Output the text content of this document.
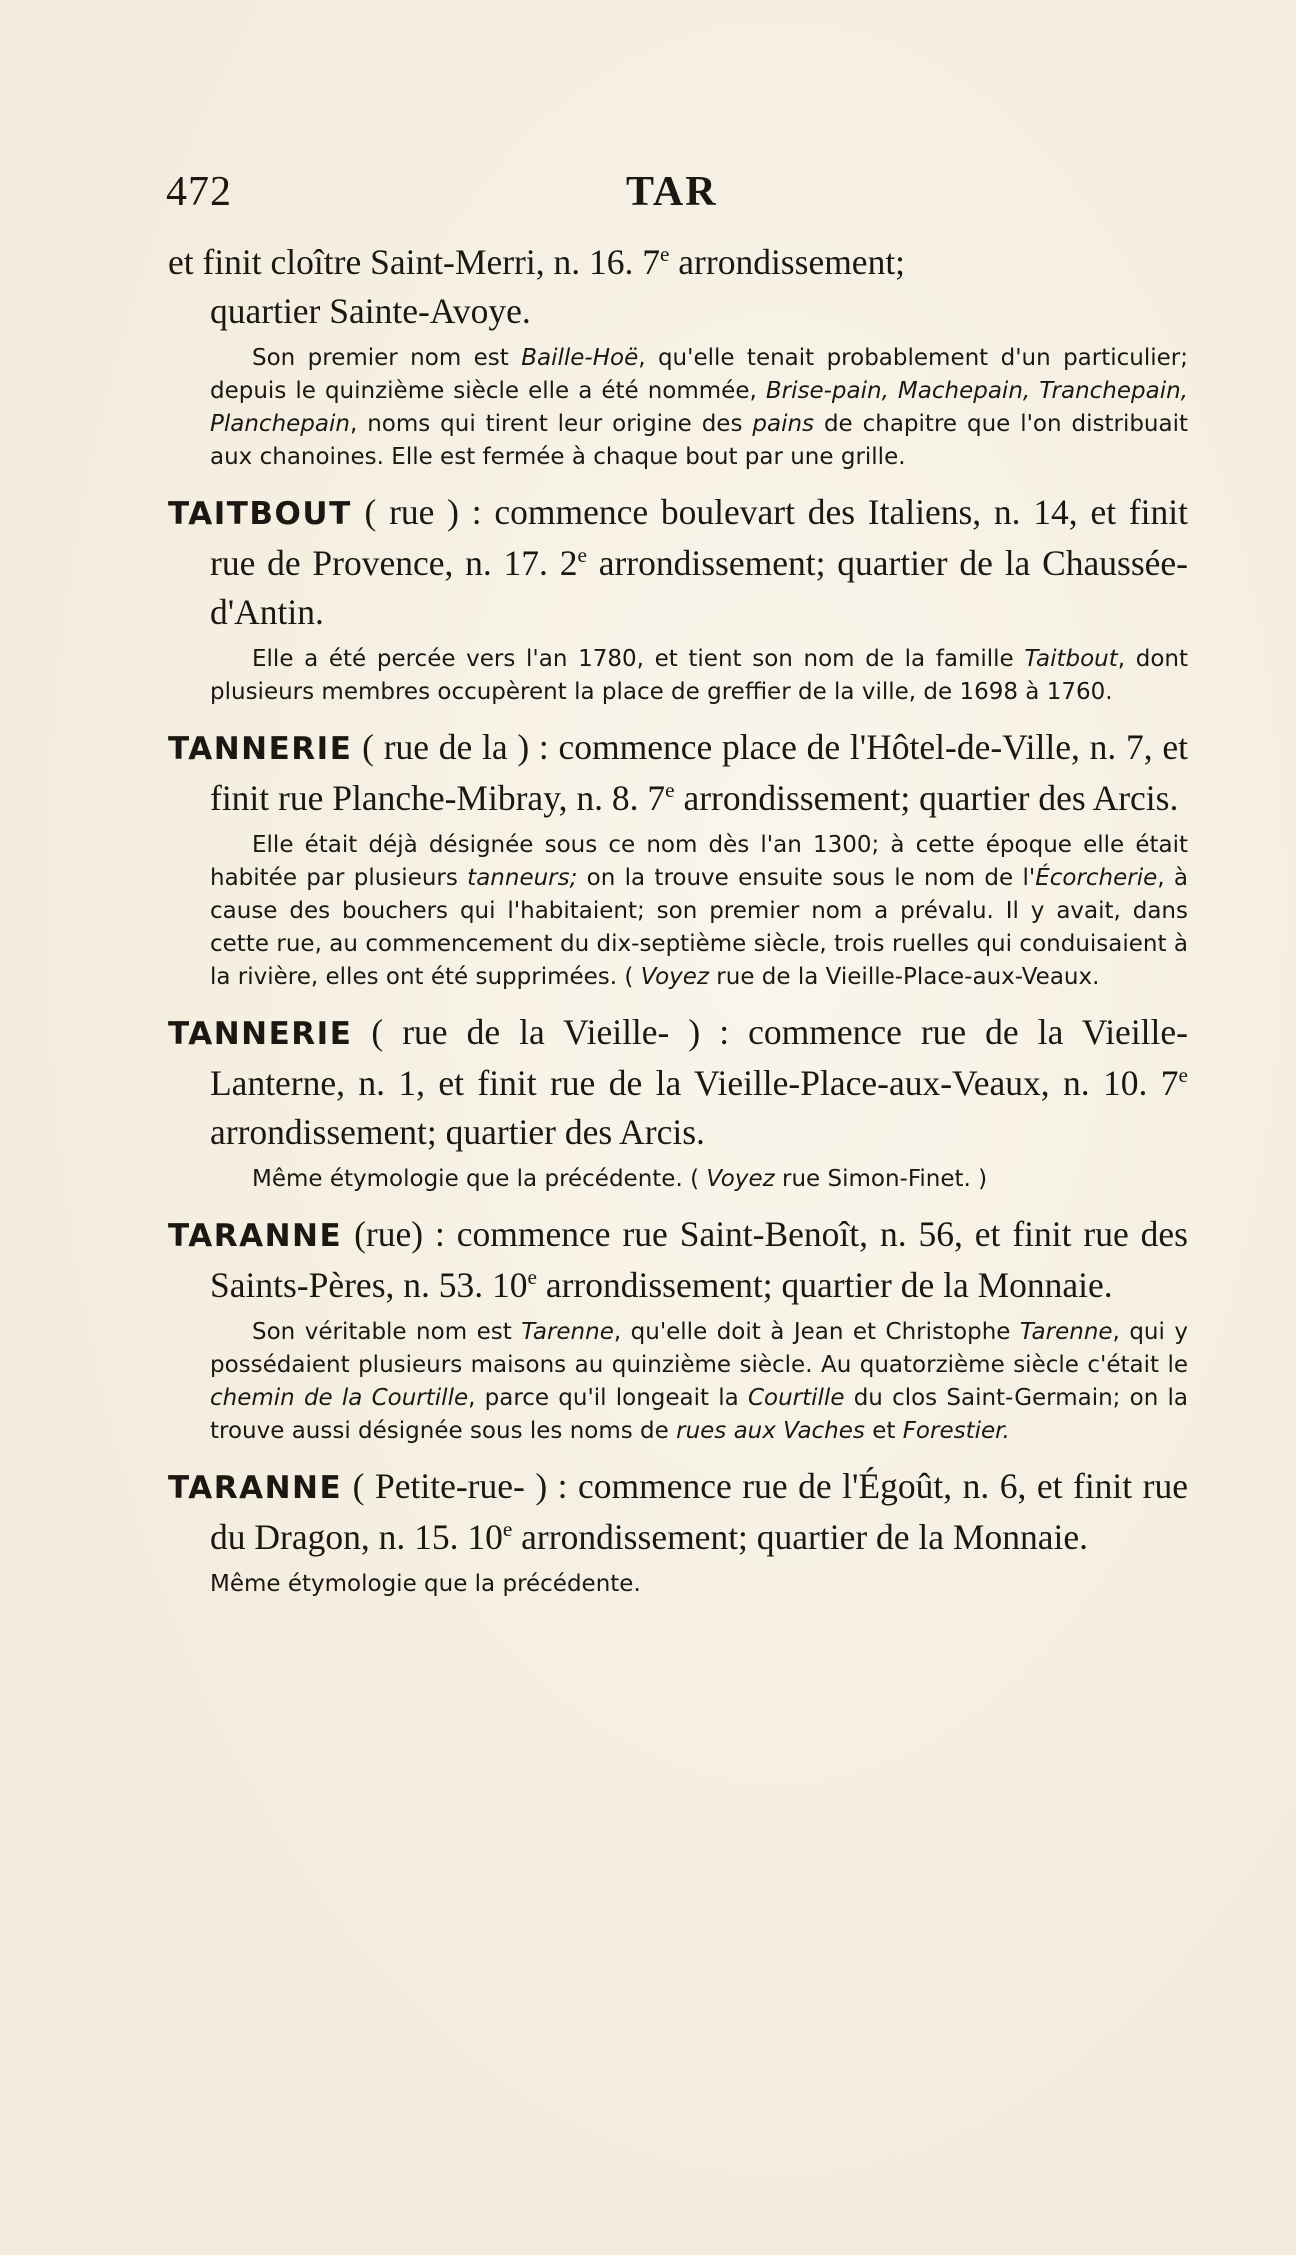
472	TAR

et finit cloître Saint-Merri, n. 16. 7e arrondissement;
quartier Sainte-Avoye.

Son premier nom est Baille-Hoë, qu'elle tenait probablement d'un particulier; depuis le quinzième siècle elle a été nommée, Brise-pain, Machepain, Tranchepain, Planchepain, noms qui tirent leur origine des pains de chapitre que l'on distribuait aux chanoines. Elle est fermée à chaque bout par une grille.

TAITBOUT ( rue ) : commence boulevart des Italiens, n. 14, et finit rue de Provence, n. 17. 2e arrondissement; quartier de la Chaussée-d'Antin.

Elle a été percée vers l'an 1780, et tient son nom de la famille Taitbout, dont plusieurs membres occupèrent la place de greffier de la ville, de 1698 à 1760.

TANNERIE ( rue de la ) : commence place de l'Hôtel-de-Ville, n. 7, et finit rue Planche-Mibray, n. 8. 7e arrondissement; quartier des Arcis.

Elle était déjà désignée sous ce nom dès l'an 1300; à cette époque elle était habitée par plusieurs tanneurs; on la trouve ensuite sous le nom de l'Écorcherie, à cause des bouchers qui l'habitaient; son premier nom a prévalu. Il y avait, dans cette rue, au commencement du dix-septième siècle, trois ruelles qui conduisaient à la rivière, elles ont été supprimées. ( Voyez rue de la Vieille-Place-aux-Veaux.

TANNERIE ( rue de la Vieille- ) : commence rue de la Vieille-Lanterne, n. 1, et finit rue de la Vieille-Place-aux-Veaux, n. 10. 7e arrondissement; quartier des Arcis.

Même étymologie que la précédente. ( Voyez rue Simon-Finet. )

TARANNE (rue) : commence rue Saint-Benoît, n. 56, et finit rue des Saints-Pères, n. 53. 10e arrondissement; quartier de la Monnaie.

Son véritable nom est Tarenne, qu'elle doit à Jean et Christophe Tarenne, qui y possédaient plusieurs maisons au quinzième siècle. Au quatorzième siècle c'était le chemin de la Courtille, parce qu'il longeait la Courtille du clos Saint-Germain; on la trouve aussi désignée sous les noms de rues aux Vaches et Forestier.

TARANNE ( Petite-rue- ) : commence rue de l'Égoût, n. 6, et finit rue du Dragon, n. 15. 10e arrondissement; quartier de la Monnaie.

Même étymologie que la précédente.
